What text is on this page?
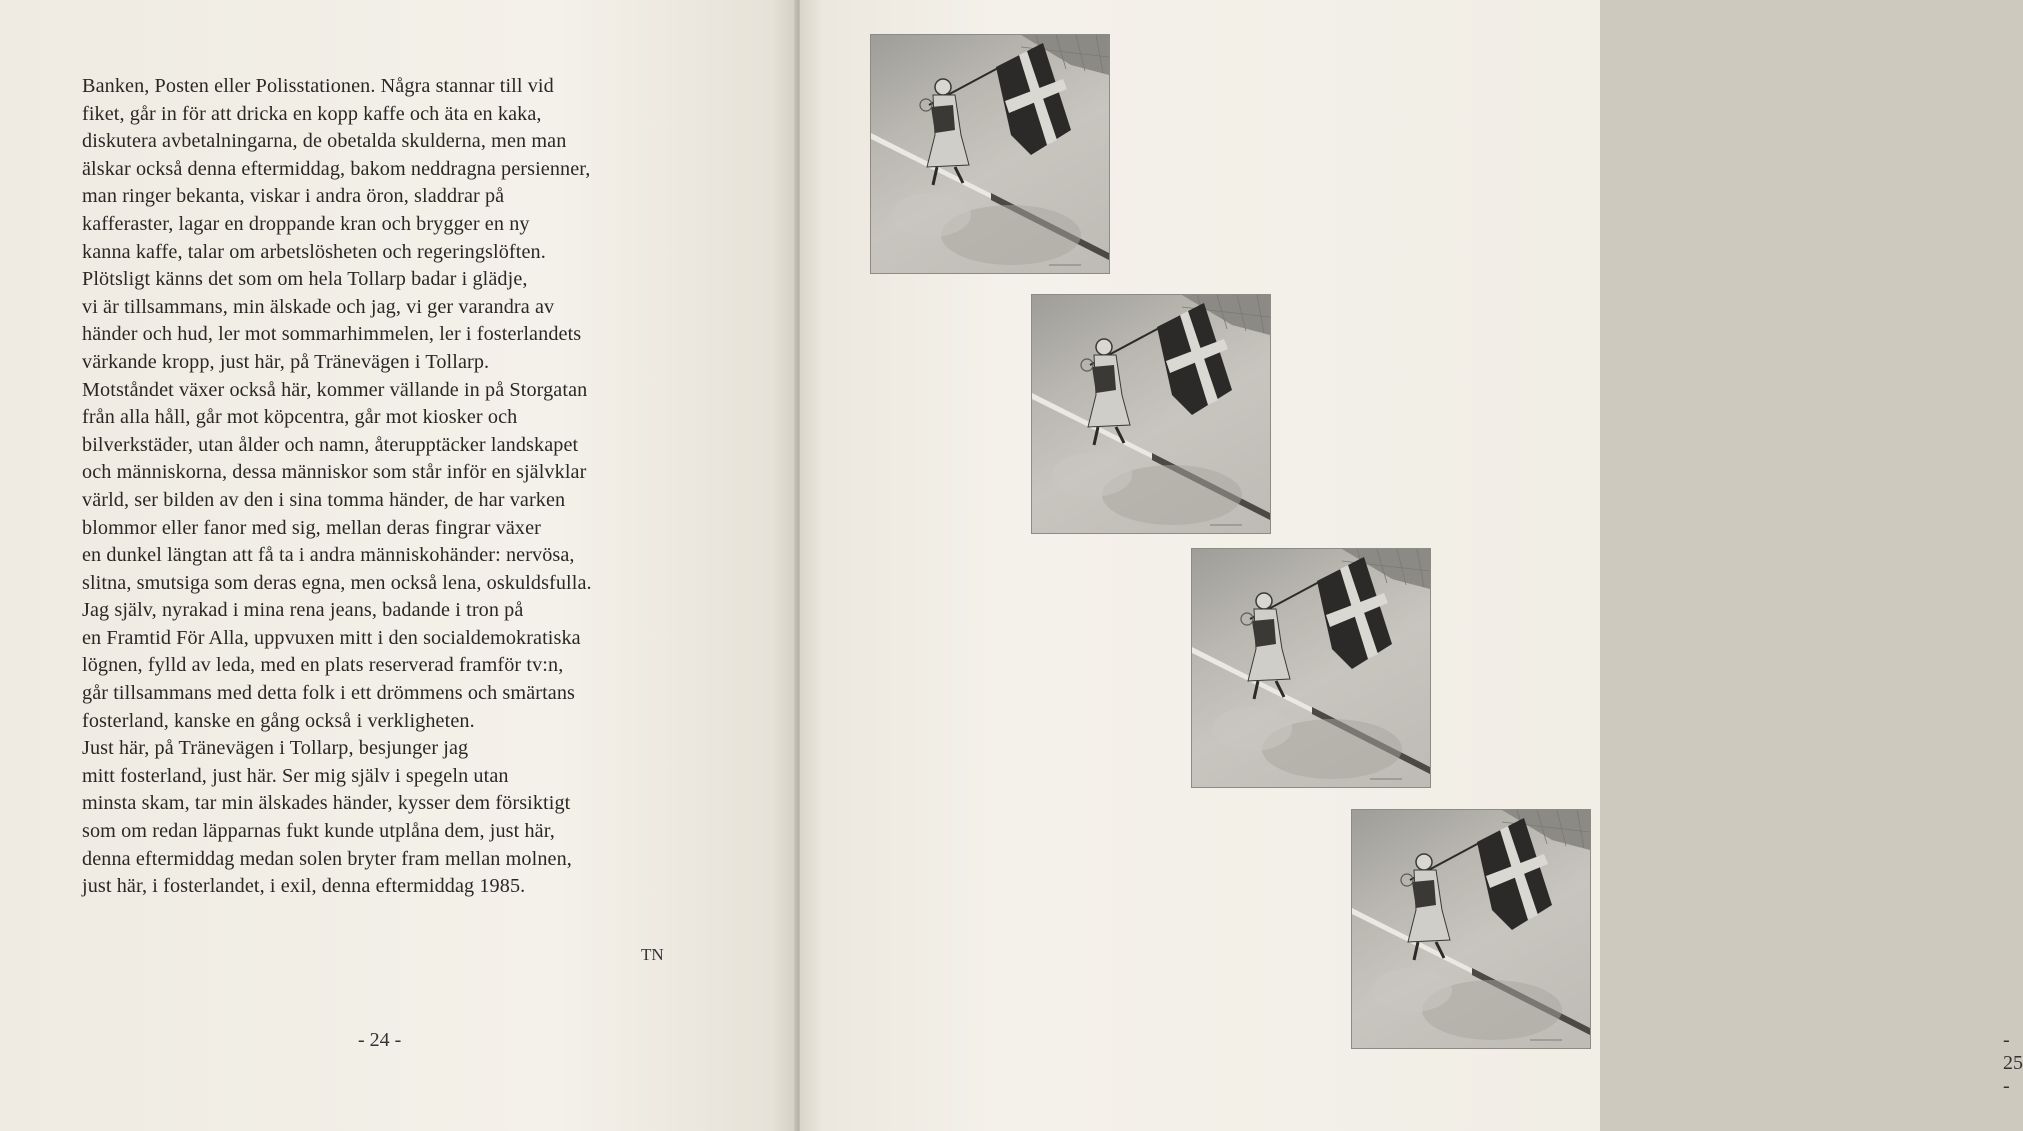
Banken, Posten eller Polisstationen. Några stannar till vid
fiket, går in för att dricka en kopp kaffe och äta en kaka,
diskutera avbetalningarna, de obetalda skulderna, men man
älskar också denna eftermiddag, bakom neddragna persienner,
man ringer bekanta, viskar i andra öron, sladdrar på
kafferaster, lagar en droppande kran och brygger en ny
kanna kaffe, talar om arbetslösheten och regeringslöften.
Plötsligt känns det som om hela Tollarp badar i glädje,
vi är tillsammans, min älskade och jag, vi ger varandra av
händer och hud, ler mot sommarhimmelen, ler i fosterlandets
värkande kropp, just här, på Tränevägen i Tollarp.
Motståndet växer också här, kommer vällande in på Storgatan
från alla håll, går mot köpcentra, går mot kiosker och
bilverkstäder, utan ålder och namn, återupptäcker landskapet
och människorna, dessa människor som står inför en självklar
värld, ser bilden av den i sina tomma händer, de har varken
blommor eller fanor med sig, mellan deras fingrar växer
en dunkel längtan att få ta i andra människohänder: nervösa,
slitna, smutsiga som deras egna, men också lena, oskuldsfulla.
Jag själv, nyrakad i mina rena jeans, badande i tron på
en Framtid För Alla, uppvuxen mitt i den socialdemokratiska
lögnen, fylld av leda, med en plats reserverad framför tv:n,
går tillsammans med detta folk i ett drömmens och smärtans
fosterland, kanske en gång också i verkligheten.
Just här, på Tränevägen i Tollarp, besjunger jag
mitt fosterland, just här. Ser mig själv i spegeln utan
minsta skam, tar min älskades händer, kysser dem försiktigt
som om redan läpparnas fukt kunde utplåna dem, just här,
denna eftermiddag medan solen bryter fram mellan molnen,
just här, i fosterlandet, i exil, denna eftermiddag 1985.
TN
- 24 -	- 25 -
